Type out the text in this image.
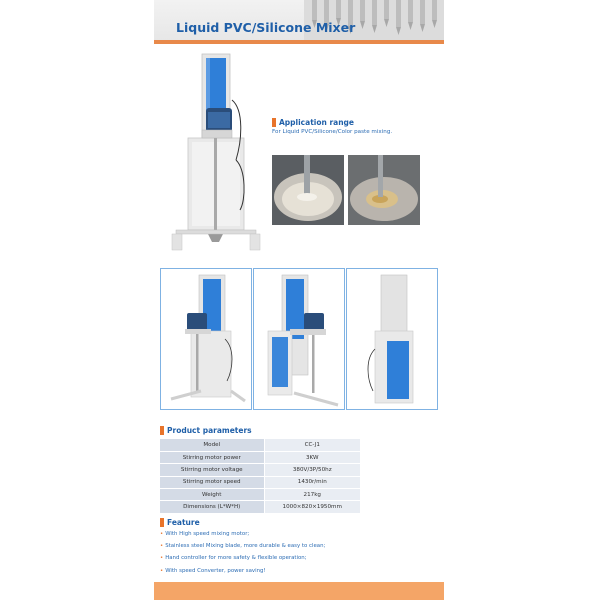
Liquid PVC/Silicone Mixer
Application range
For Liquid PVC/Silicone/Color paste mixing.
Product parameters
Model	CC-J1
Stirring motor power	3KW
Stirring motor voltage	380V/3P/50hz
Stirring motor speed	1430r/min
Weight	217kg
Dimensions (L*W*H)	1000×820×1950mm
Feature
• With High speed mixing motor;
• Stainless steel Mixing blade, more durable & easy to clean;
• Hand controller for more safety & flexible operation;
• With speed Converter, power saving!
